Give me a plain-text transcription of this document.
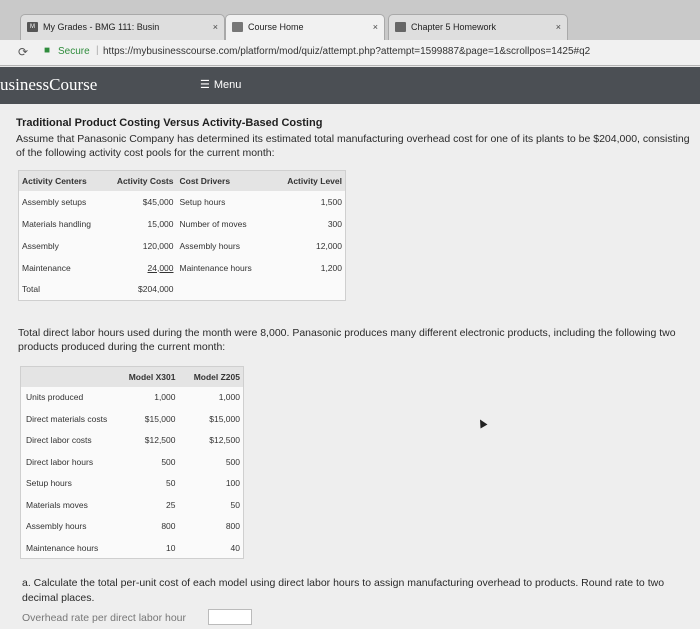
M My Grades - BMG 111: Busin	×	Course Home	×	Chapter 5 Homework	×
⟳ ■ Secure | https://mybusinesscourse.com/platform/mod/quiz/attempt.php?attempt=1599887&page=1&scrollpos=1425#q2
usinessCourse	☰ Menu
Traditional Product Costing Versus Activity-Based Costing
Assume that Panasonic Company has determined its estimated total manufacturing overhead cost for one of its plants to be $204,000, consisting of the following activity cost pools for the current month:
Activity Centers	Activity Costs	Cost Drivers	Activity Level
Assembly setups	$45,000	Setup hours	1,500
Materials handling	15,000	Number of moves	300
Assembly	120,000	Assembly hours	12,000
Maintenance	24,000	Maintenance hours	1,200
Total	$204,000		
Total direct labor hours used during the month were 8,000. Panasonic produces many different electronic products, including the following two products produced during the current month:
	Model X301	Model Z205
Units produced	1,000	1,000
Direct materials costs	$15,000	$15,000
Direct labor costs	$12,500	$12,500
Direct labor hours	500	500
Setup hours	50	100
Materials moves	25	50
Assembly hours	800	800
Maintenance hours	10	40
a. Calculate the total per-unit cost of each model using direct labor hours to assign manufacturing overhead to products. Round rate to two decimal places.
Overhead rate per direct labor hour
